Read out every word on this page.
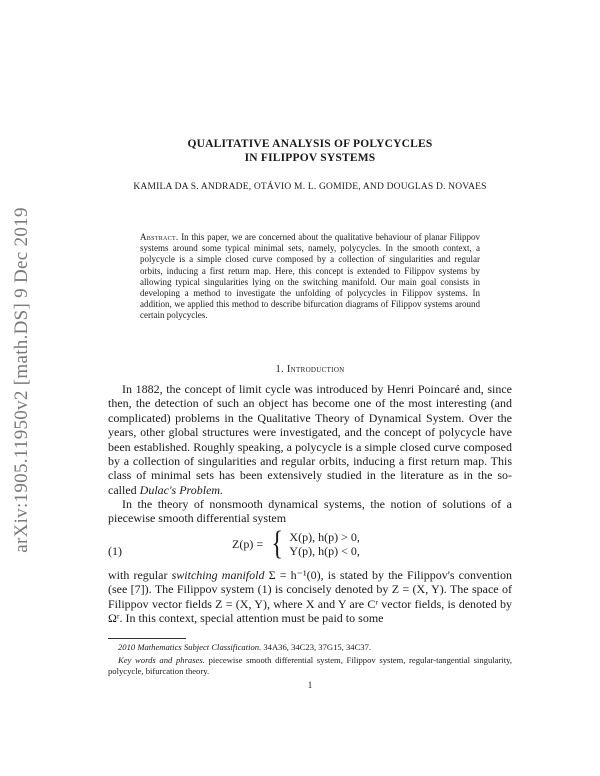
arXiv:1905.11950v2 [math.DS] 9 Dec 2019
QUALITATIVE ANALYSIS OF POLYCYCLES
IN FILIPPOV SYSTEMS
KAMILA DA S. ANDRADE, OTÁVIO M. L. GOMIDE, AND DOUGLAS D. NOVAES
Abstract. In this paper, we are concerned about the qualitative behaviour of planar Filippov systems around some typical minimal sets, namely, polycycles. In the smooth context, a polycycle is a simple closed curve composed by a collection of singularities and regular orbits, inducing a first return map. Here, this concept is extended to Filippov systems by allowing typical singularities lying on the switching manifold. Our main goal consists in developing a method to investigate the unfolding of polycycles in Filippov systems. In addition, we applied this method to describe bifurcation diagrams of Filippov systems around certain polycycles.
1. Introduction
In 1882, the concept of limit cycle was introduced by Henri Poincaré and, since then, the detection of such an object has become one of the most interesting (and complicated) problems in the Qualitative Theory of Dynamical System. Over the years, other global structures were investigated, and the concept of polycycle have been established. Roughly speaking, a polycycle is a simple closed curve composed by a collection of singularities and regular orbits, inducing a first return map. This class of minimal sets has been extensively studied in the literature as in the so-called Dulac's Problem.
In the theory of nonsmooth dynamical systems, the notion of solutions of a piecewise smooth differential system
(1)
Z(p) = { X(p), h(p) > 0,
Y(p), h(p) < 0,
with regular switching manifold Σ = h⁻¹(0), is stated by the Filippov's convention (see [7]). The Filippov system (1) is concisely denoted by Z = (X, Y). The space of Filippov vector fields Z = (X, Y), where X and Y are Cʳ vector fields, is denoted by Ωʳ. In this context, special attention must be paid to some
2010 Mathematics Subject Classification. 34A36, 34C23, 37G15, 34C37.
Key words and phrases. piecewise smooth differential system, Filippov system, regular-tangential singularity, polycycle, bifurcation theory.
1
